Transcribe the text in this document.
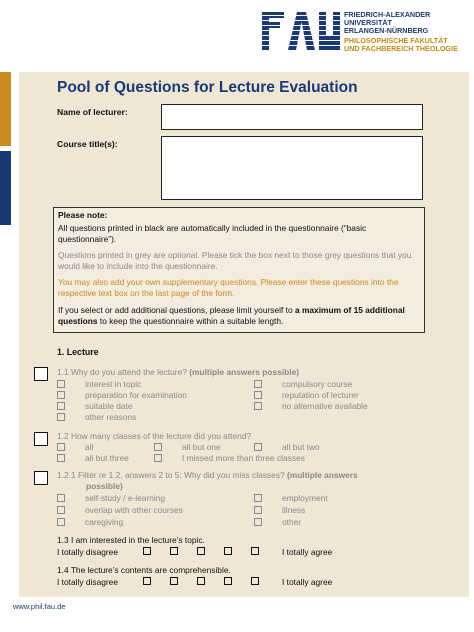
FRIEDRICH-ALEXANDER
UNIVERSITÄT
ERLANGEN-NÜRNBERG
PHILOSOPHISCHE FAKULTÄT
UND FACHBEREICH THEOLOGIE
Pool of Questions for Lecture Evaluation
Name of lecturer:
Course title(s):
Please note:
All questions printed in black are automatically included in the questionnaire (“basic questionnaire”).
Questions printed in grey are optional. Please tick the box next to those grey questions that you would like to include into the questionnaire.
You may also add your own supplementary questions. Please enter these questions into the respective text box on the last page of the form.
If you select or add additional questions, please limit yourself to a maximum of 15 additional questions to keep the questionnaire within a suitable length.
1. Lecture
1.1 Why do you attend the lecture? (multiple answers possible)
interest in topic
preparation for examination
suitable date
other reasons
compulsory course
reputation of lecturer
no alternative available
1.2 How many classes of the lecture did you attend?
all
all but three
all but one
I missed more than three classes
all but two
1.2.1 Filter re 1.2, answers 2 to 5: Why did you miss classes? (multiple answers
possible)
self-study / e-learning
overlap with other courses
caregiving
employment
illness
other
1.3 I am interested in the lecture’s topic.
I totally disagree	I totally agree
1.4 The lecture’s contents are comprehensible.
I totally disagree	I totally agree
www.phil.fau.de
